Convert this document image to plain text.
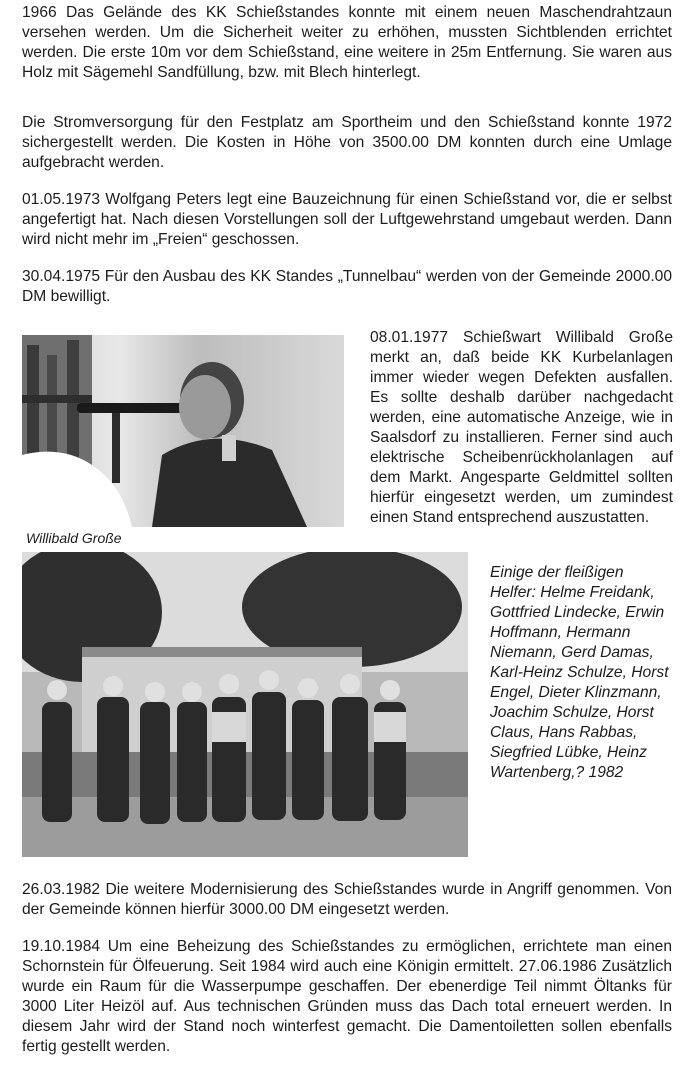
1966 Das Gelände des KK Schießstandes konnte mit einem neuen Maschendrahtzaun versehen werden. Um die Sicherheit weiter zu erhöhen, mussten Sichtblenden errichtet werden. Die erste 10m vor dem Schießstand, eine weitere in 25m Entfernung. Sie waren aus Holz mit Sägemehl Sandfüllung, bzw. mit Blech hinterlegt.

Die Stromversorgung für den Festplatz am Sportheim und den Schießstand konnte 1972 sichergestellt werden. Die Kosten in Höhe von 3500.00 DM konnten durch eine Umlage aufgebracht werden.

01.05.1973 Wolfgang Peters legt eine Bauzeichnung für einen Schießstand vor, die er selbst angefertigt hat. Nach diesen Vorstellungen soll der Luftgewehrstand umgebaut werden. Dann wird nicht mehr im „Freien“ geschossen.

30.04.1975 Für den Ausbau des KK Standes „Tunnelbau“ werden von der Gemeinde 2000.00 DM bewilligt.

Willibald Große

08.01.1977 Schießwart Willibald Große merkt an, daß beide KK Kurbelanlagen immer wieder wegen Defekten ausfallen. Es sollte deshalb darüber nachgedacht werden, eine automatische Anzeige, wie in Saalsdorf zu installieren. Ferner sind auch elektrische Scheibenrückholanlagen auf dem Markt. Angesparte Geldmittel sollten hierfür eingesetzt werden, um zumindest einen Stand entsprechend auszustatten.

Einige der fleißigen Helfer: Helme Freidank, Gottfried Lindecke, Erwin Hoffmann, Hermann Niemann, Gerd Damas, Karl-Heinz Schulze, Horst Engel, Dieter Klinzmann, Joachim Schulze, Horst Claus, Hans Rabbas, Siegfried Lübke, Heinz Wartenberg,? 1982

26.03.1982 Die weitere Modernisierung des Schießstandes wurde in Angriff genommen. Von der Gemeinde können hierfür 3000.00 DM eingesetzt werden.

19.10.1984 Um eine Beheizung des Schießstandes zu ermöglichen, errichtete man einen Schornstein für Ölfeuerung. Seit 1984 wird auch eine Königin ermittelt. 27.06.1986 Zusätzlich wurde ein Raum für die Wasserpumpe geschaffen. Der ebenerdige Teil nimmt Öltanks für 3000 Liter Heizöl auf. Aus technischen Gründen muss das Dach total erneuert werden. In diesem Jahr wird der Stand noch winterfest gemacht. Die Damentoiletten sollen ebenfalls fertig gestellt werden.
